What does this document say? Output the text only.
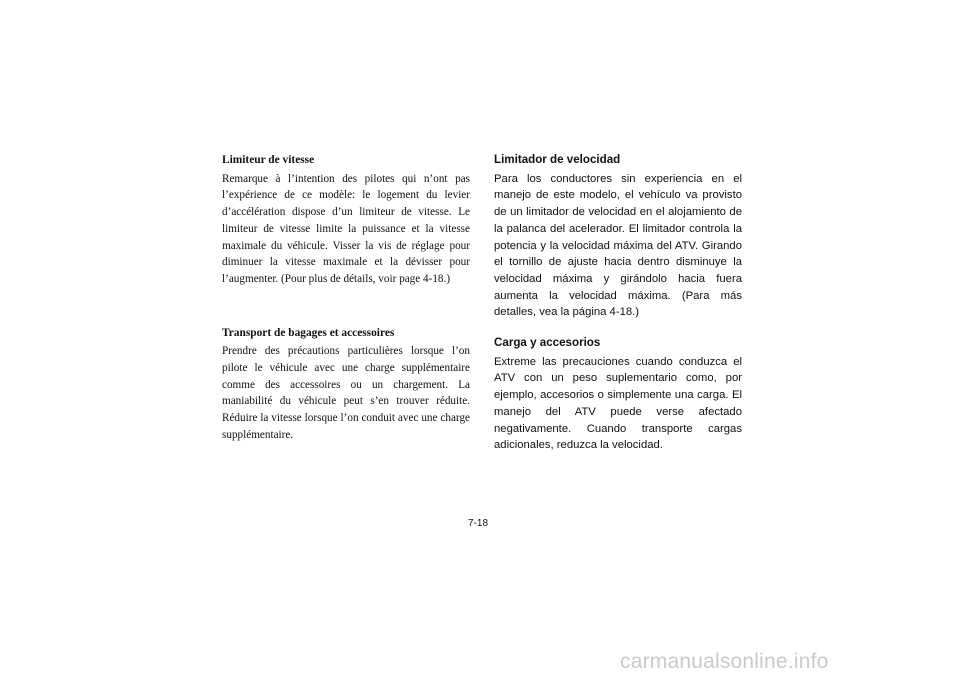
Limiteur de vitesse

Remarque à l’intention des pilotes qui n’ont pas l’expérience de ce modèle: le logement du levier d’accélération dispose d’un limiteur de vitesse. Le limiteur de vitesse limite la puissance et la vitesse maximale du véhicule. Visser la vis de réglage pour diminuer la vitesse maximale et la dévisser pour l’augmenter. (Pour plus de détails, voir page 4-18.)

Transport de bagages et accessoires

Prendre des précautions particulières lorsque l’on pilote le véhicule avec une charge supplémentaire comme des accessoires ou un chargement. La maniabilité du véhicule peut s’en trouver réduite. Réduire la vitesse lorsque l’on conduit avec une charge supplémentaire.

Limitador de velocidad

Para los conductores sin experiencia en el manejo de este modelo, el vehículo va provisto de un limitador de velocidad en el alojamiento de la palanca del acelerador. El limitador controla la potencia y la velocidad máxima del ATV. Girando el tornillo de ajuste hacia dentro disminuye la velocidad máxima y girándolo hacia fuera aumenta la velocidad máxima. (Para más detalles, vea la página 4-18.)

Carga y accesorios

Extreme las precauciones cuando conduzca el ATV con un peso suplementario como, por ejemplo, accesorios o simplemente una carga. El manejo del ATV puede verse afectado negativamente. Cuando transporte cargas adicionales, reduzca la velocidad.

7-18
carmanualsonline.info
